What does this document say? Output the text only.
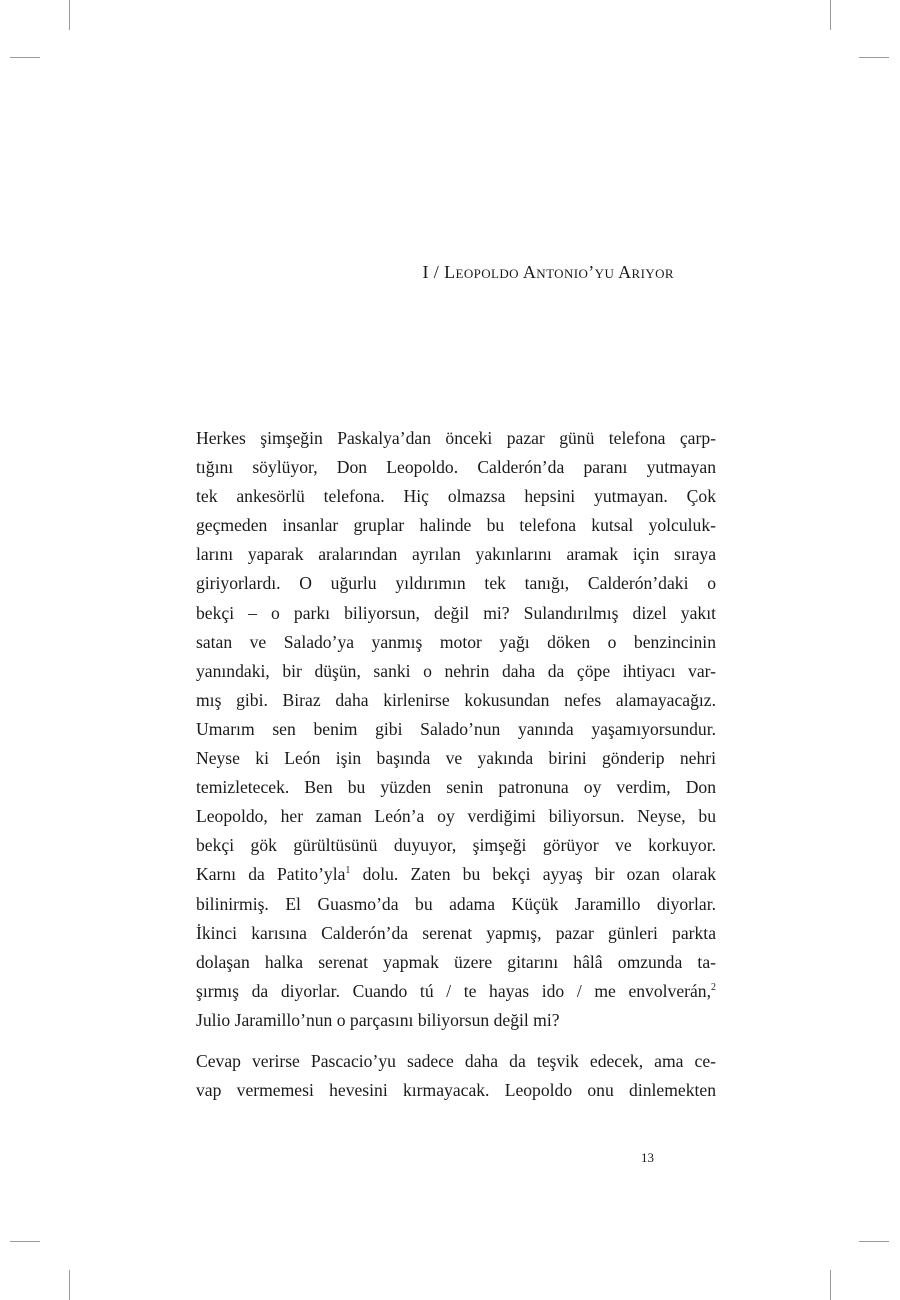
I / Leopoldo Antonio’yu Arıyor

Herkes şimşeğin Paskalya’dan önceki pazar günü telefona çarp-
tığını söylüyor, Don Leopoldo. Calderón’da paranı yutmayan
tek ankesörlü telefona. Hiç olmazsa hepsini yutmayan. Çok
geçmeden insanlar gruplar halinde bu telefona kutsal yolculuk-
larını yaparak aralarından ayrılan yakınlarını aramak için sıraya
giriyorlardı. O uğurlu yıldırımın tek tanığı, Calderón’daki o
bekçi – o parkı biliyorsun, değil mi? Sulandırılmış dizel yakıt
satan ve Salado’ya yanmış motor yağı döken o benzincinin
yanındaki, bir düşün, sanki o nehrin daha da çöpe ihtiyacı var-
mış gibi. Biraz daha kirlenirse kokusundan nefes alamayacağız.
Umarım sen benim gibi Salado’nun yanında yaşamıyorsundur.
Neyse ki León işin başında ve yakında birini gönderip nehri
temizletecek. Ben bu yüzden senin patronuna oy verdim, Don
Leopoldo, her zaman León’a oy verdiğimi biliyorsun. Neyse, bu
bekçi gök gürültüsünü duyuyor, şimşeği görüyor ve korkuyor.
Karnı da Patito’yla$^1$ dolu. Zaten bu bekçi ayyaş bir ozan olarak
bilinirmiş. El Guasmo’da bu adama Küçük Jaramillo diyorlar.
İkinci karısına Calderón’da serenat yapmış, pazar günleri parkta
dolaşan halka serenat yapmak üzere gitarını hâlâ omzunda ta-
şırmış da diyorlar. Cuando tú / te hayas ido / me envolverán,$^2$
Julio Jaramillo’nun o parçasını biliyorsun değil mi?

Cevap verirse Pascacio’yu sadece daha da teşvik edecek, ama ce-
vap vermemesi hevesini kırmayacak. Leopoldo onu dinlemekten

13
